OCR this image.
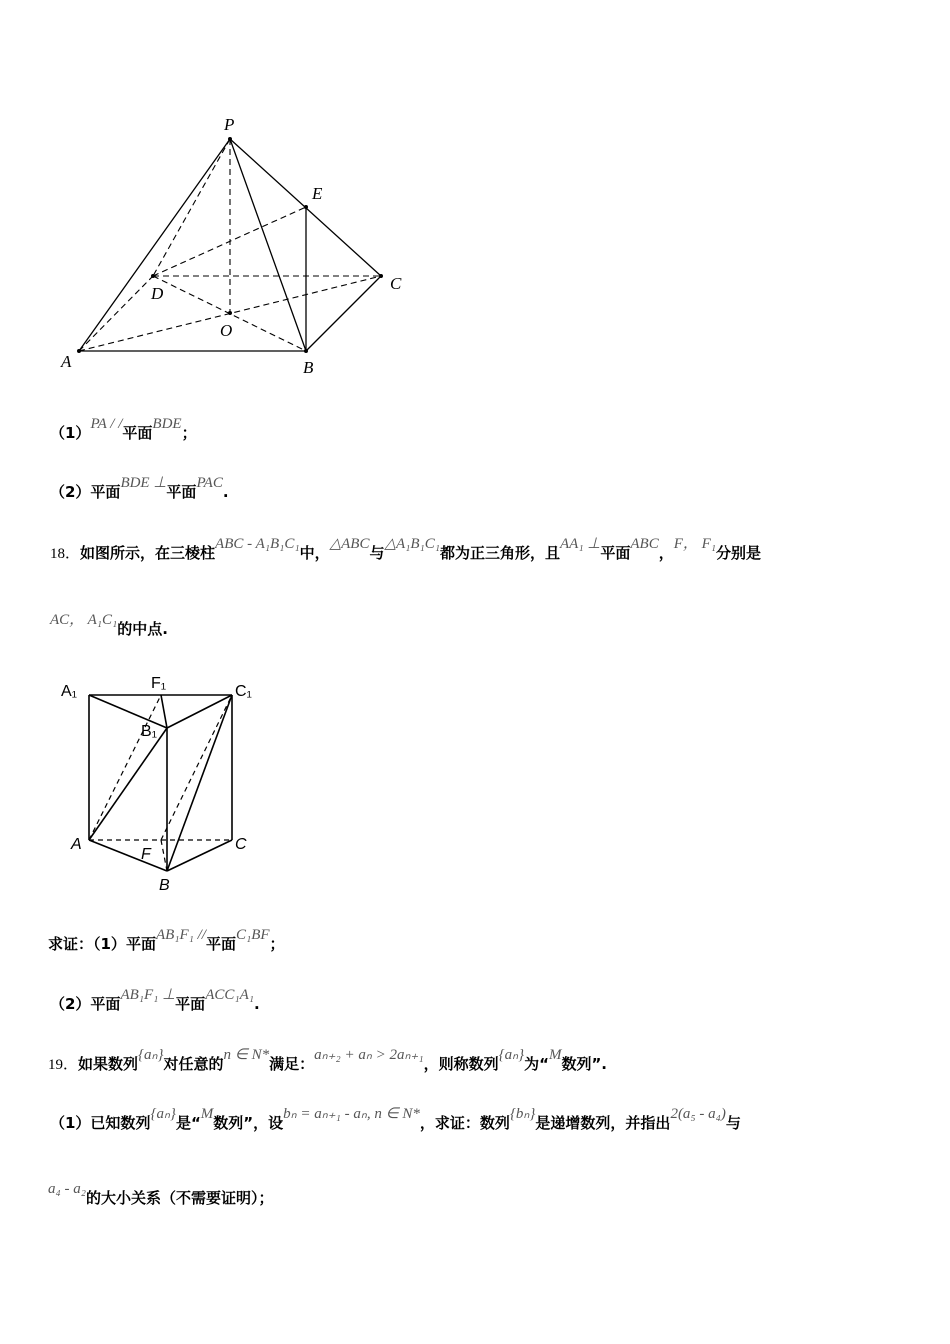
P
E
D
C
O
A	B
（1）PA / /平面BDE；
（2）平面BDE ⊥平面PAC.
18．如图所示，在三棱柱ABC - A₁B₁C₁中，△ABC与△A₁B₁C₁都为正三角形，且AA₁ ⊥平面ABC，F， F₁分别是
AC， A₁C₁的中点.
A₁	F₁	C₁
B₁
A
F
C
B
求证：（1）平面AB₁F₁ //平面C₁BF；
（2）平面AB₁F₁ ⊥平面ACC₁A₁.
19．如果数列{aₙ}对任意的n ∈ N*满足：aₙ₊₂ + aₙ > 2aₙ₊₁，则称数列{aₙ}为“M数列”.
（1）已知数列{aₙ}是“M数列”，设bₙ = aₙ₊₁ - aₙ, n ∈ N*，求证：数列{bₙ}是递增数列，并指出2(a₅ - a₄)与
a₄ - a₂的大小关系（不需要证明）；
